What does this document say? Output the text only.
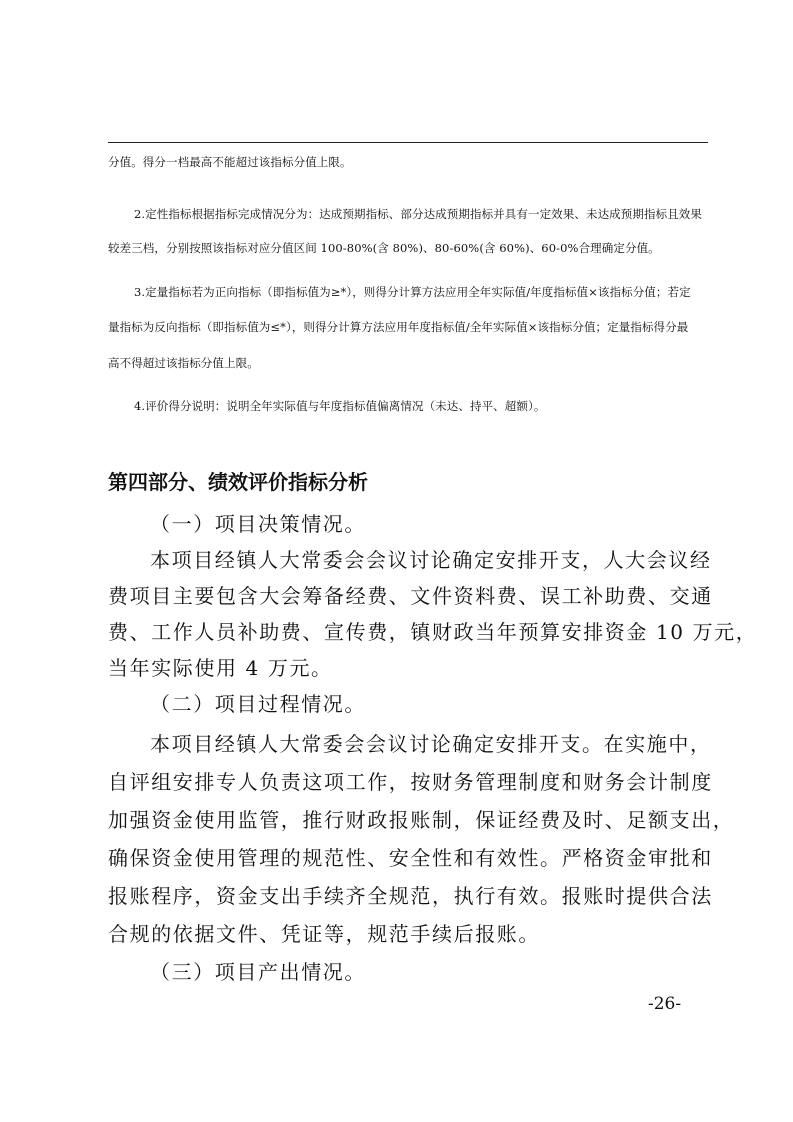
分值。得分一档最高不能超过该指标分值上限。
2.定性指标根据指标完成情况分为：达成预期指标、部分达成预期指标并具有一定效果、未达成预期指标且效果
较差三档，分别按照该指标对应分值区间 100-80%(含 80%)、80-60%(含 60%)、60-0%合理确定分值。
3.定量指标若为正向指标（即指标值为≥*），则得分计算方法应用全年实际值/年度指标值×该指标分值；若定
量指标为反向指标（即指标值为≤*），则得分计算方法应用年度指标值/全年实际值×该指标分值；定量指标得分最
高不得超过该指标分值上限。
4.评价得分说明：说明全年实际值与年度指标值偏离情况（未达、持平、超额）。
第四部分、绩效评价指标分析
（一）项目决策情况。
本项目经镇人大常委会会议讨论确定安排开支，人大会议经
费项目主要包含大会筹备经费、文件资料费、误工补助费、交通
费、工作人员补助费、宣传费，镇财政当年预算安排资金 10 万元，
当年实际使用 4 万元。
（二）项目过程情况。
本项目经镇人大常委会会议讨论确定安排开支。在实施中，
自评组安排专人负责这项工作，按财务管理制度和财务会计制度
加强资金使用监管，推行财政报账制，保证经费及时、足额支出，
确保资金使用管理的规范性、安全性和有效性。严格资金审批和
报账程序，资金支出手续齐全规范，执行有效。报账时提供合法
合规的依据文件、凭证等，规范手续后报账。
（三）项目产出情况。
-26-
